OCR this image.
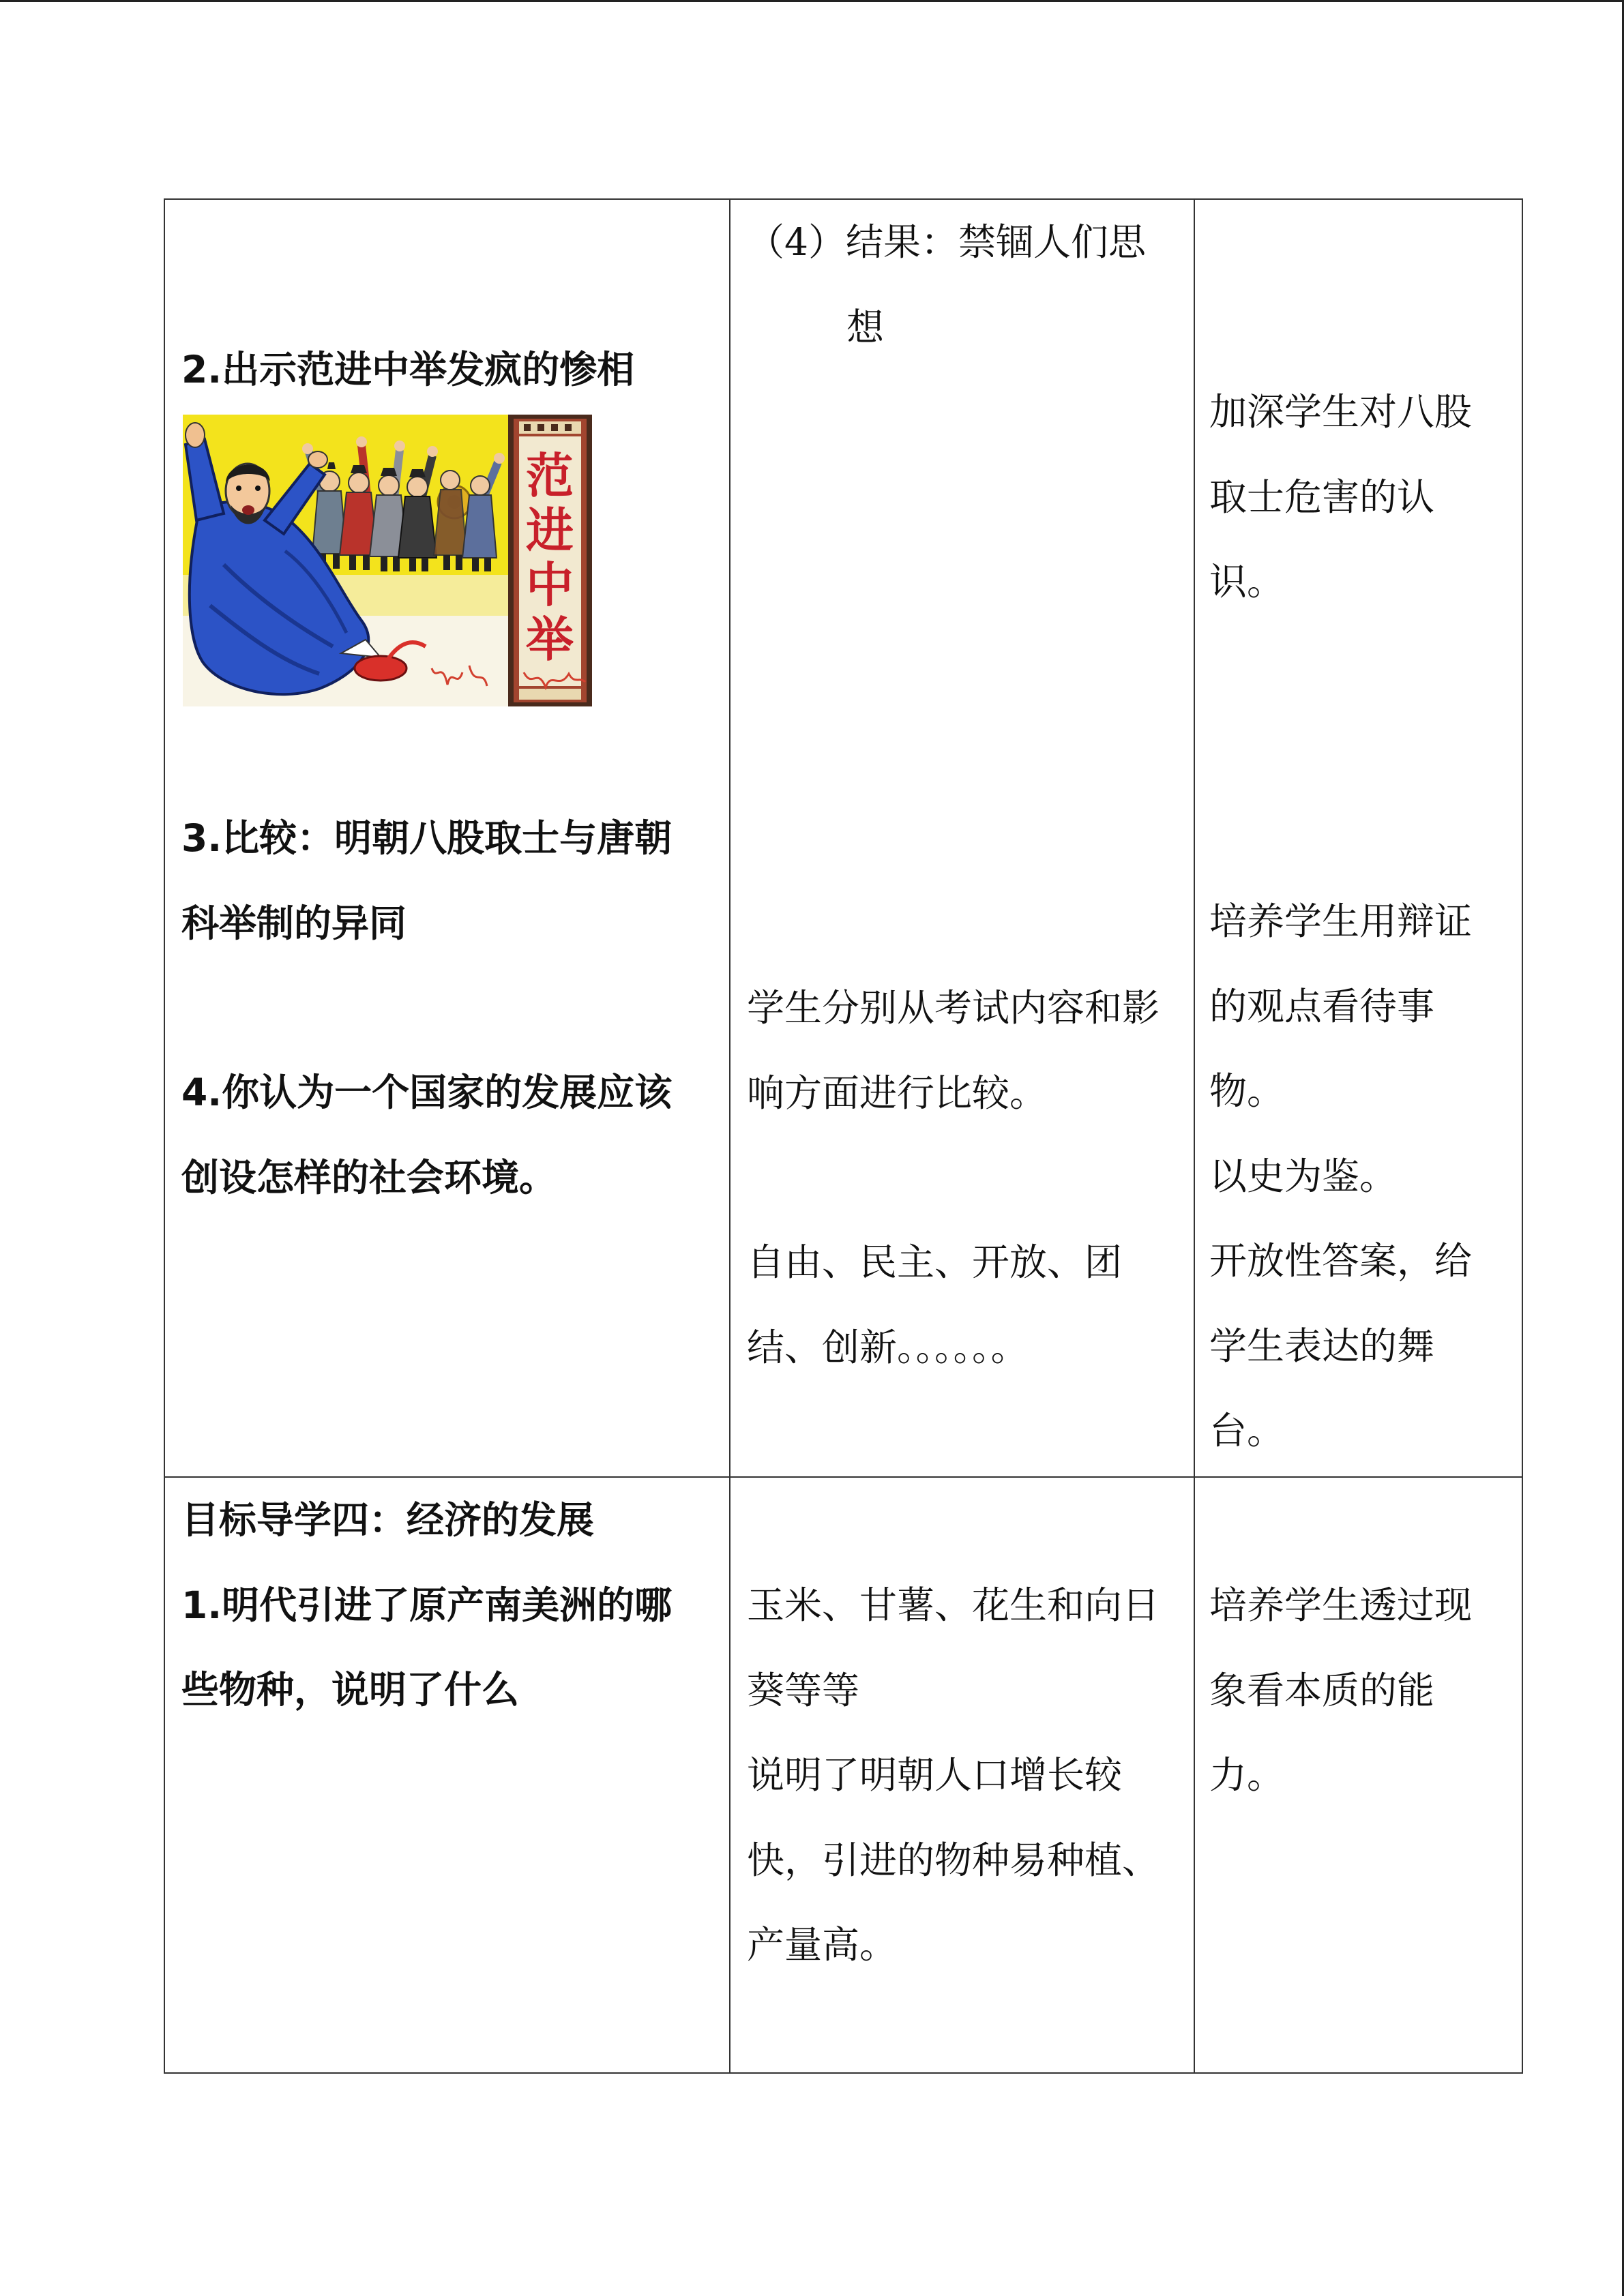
2.出示范进中举发疯的惨相
范
进
中
举
3.比较：明朝八股取士与唐朝
科举制的异同
4.你认为一个国家的发展应该
创设怎样的社会环境。
（4）结果：禁锢人们思
想
学生分别从考试内容和影
响方面进行比较。
自由、民主、开放、团
结、创新。。。。。。
加深学生对八股
取士危害的认
识。
培养学生用辩证
的观点看待事
物。
以史为鉴。
开放性答案，给
学生表达的舞
台。
目标导学四：经济的发展
1.明代引进了原产南美洲的哪
些物种，说明了什么
玉米、甘薯、花生和向日
葵等等
说明了明朝人口增长较
快，引进的物种易种植、
产量高。
培养学生透过现
象看本质的能
力。
